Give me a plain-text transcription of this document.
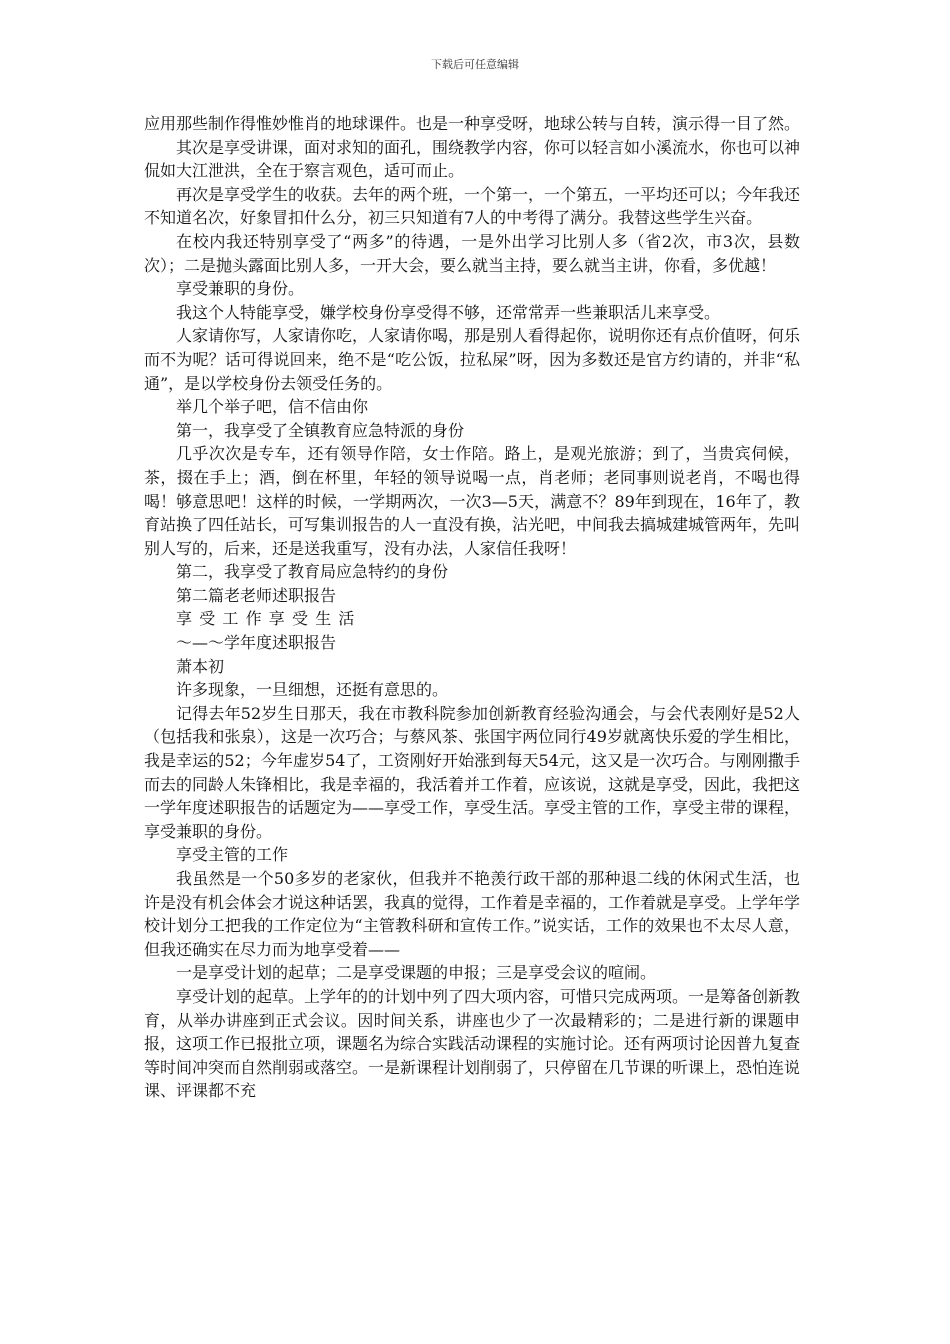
下载后可任意编辑

应用那些制作得惟妙惟肖的地球课件。也是一种享受呀，地球公转与自转，演示得一目了然。

其次是享受讲课，面对求知的面孔，围绕教学内容，你可以轻言如小溪流水，你也可以神侃如大江泄洪，全在于察言观色，适可而止。

再次是享受学生的收获。去年的两个班，一个第一，一个第五，一平均还可以；今年我还不知道名次，好象冒扣什么分，初三只知道有7人的中考得了满分。我替这些学生兴奋。

在校内我还特别享受了“两多”的待遇，一是外出学习比别人多（省2次，市3次，县数次）；二是抛头露面比别人多，一开大会，要么就当主持，要么就当主讲，你看，多优越！

享受兼职的身份。

我这个人特能享受，嫌学校身份享受得不够，还常常弄一些兼职活儿来享受。

人家请你写，人家请你吃，人家请你喝，那是别人看得起你，说明你还有点价值呀，何乐而不为呢？话可得说回来，绝不是“吃公饭，拉私屎”呀，因为多数还是官方约请的，并非“私通”，是以学校身份去领受任务的。

举几个举子吧，信不信由你

第一，我享受了全镇教育应急特派的身份

几乎次次是专车，还有领导作陪，女士作陪。路上，是观光旅游；到了，当贵宾伺候，茶，掇在手上；酒，倒在杯里，年轻的领导说喝一点，肖老师；老同事则说老肖，不喝也得喝！够意思吧！这样的时候，一学期两次，一次3—5天，满意不？89年到现在，16年了，教育站换了四任站长，可写集训报告的人一直没有换，沾光吧，中间我去搞城建城管两年，先叫别人写的，后来，还是送我重写，没有办法，人家信任我呀！

第二，我享受了教育局应急特约的身份

第二篇老老师述职报告

享受工作享受生活

～—～学年度述职报告

萧本初

许多现象，一旦细想，还挺有意思的。

记得去年52岁生日那天，我在市教科院参加创新教育经验沟通会，与会代表刚好是52人（包括我和张泉），这是一次巧合；与蔡风茶、张国宇两位同行49岁就离快乐爱的学生相比，我是幸运的52；今年虚岁54了，工资刚好开始涨到每天54元，这又是一次巧合。与刚刚撒手而去的同龄人朱锋相比，我是幸福的，我活着并工作着，应该说，这就是享受，因此，我把这一学年度述职报告的话题定为——享受工作，享受生活。享受主管的工作，享受主带的课程，享受兼职的身份。

享受主管的工作

我虽然是一个50多岁的老家伙，但我并不艳羡行政干部的那种退二线的休闲式生活，也许是没有机会体会才说这种话罢，我真的觉得，工作着是幸福的，工作着就是享受。上学年学校计划分工把我的工作定位为“主管教科研和宣传工作。”说实话，工作的效果也不太尽人意，但我还确实在尽力而为地享受着——

一是享受计划的起草；二是享受课题的申报；三是享受会议的喧闹。

享受计划的起草。上学年的的计划中列了四大项内容，可惜只完成两项。一是筹备创新教育，从举办讲座到正式会议。因时间关系，讲座也少了一次最精彩的；二是进行新的课题申报，这项工作已报批立项，课题名为综合实践活动课程的实施讨论。还有两项讨论因普九复查等时间冲突而自然削弱或落空。一是新课程计划削弱了，只停留在几节课的听课上，恐怕连说课、评课都不充
